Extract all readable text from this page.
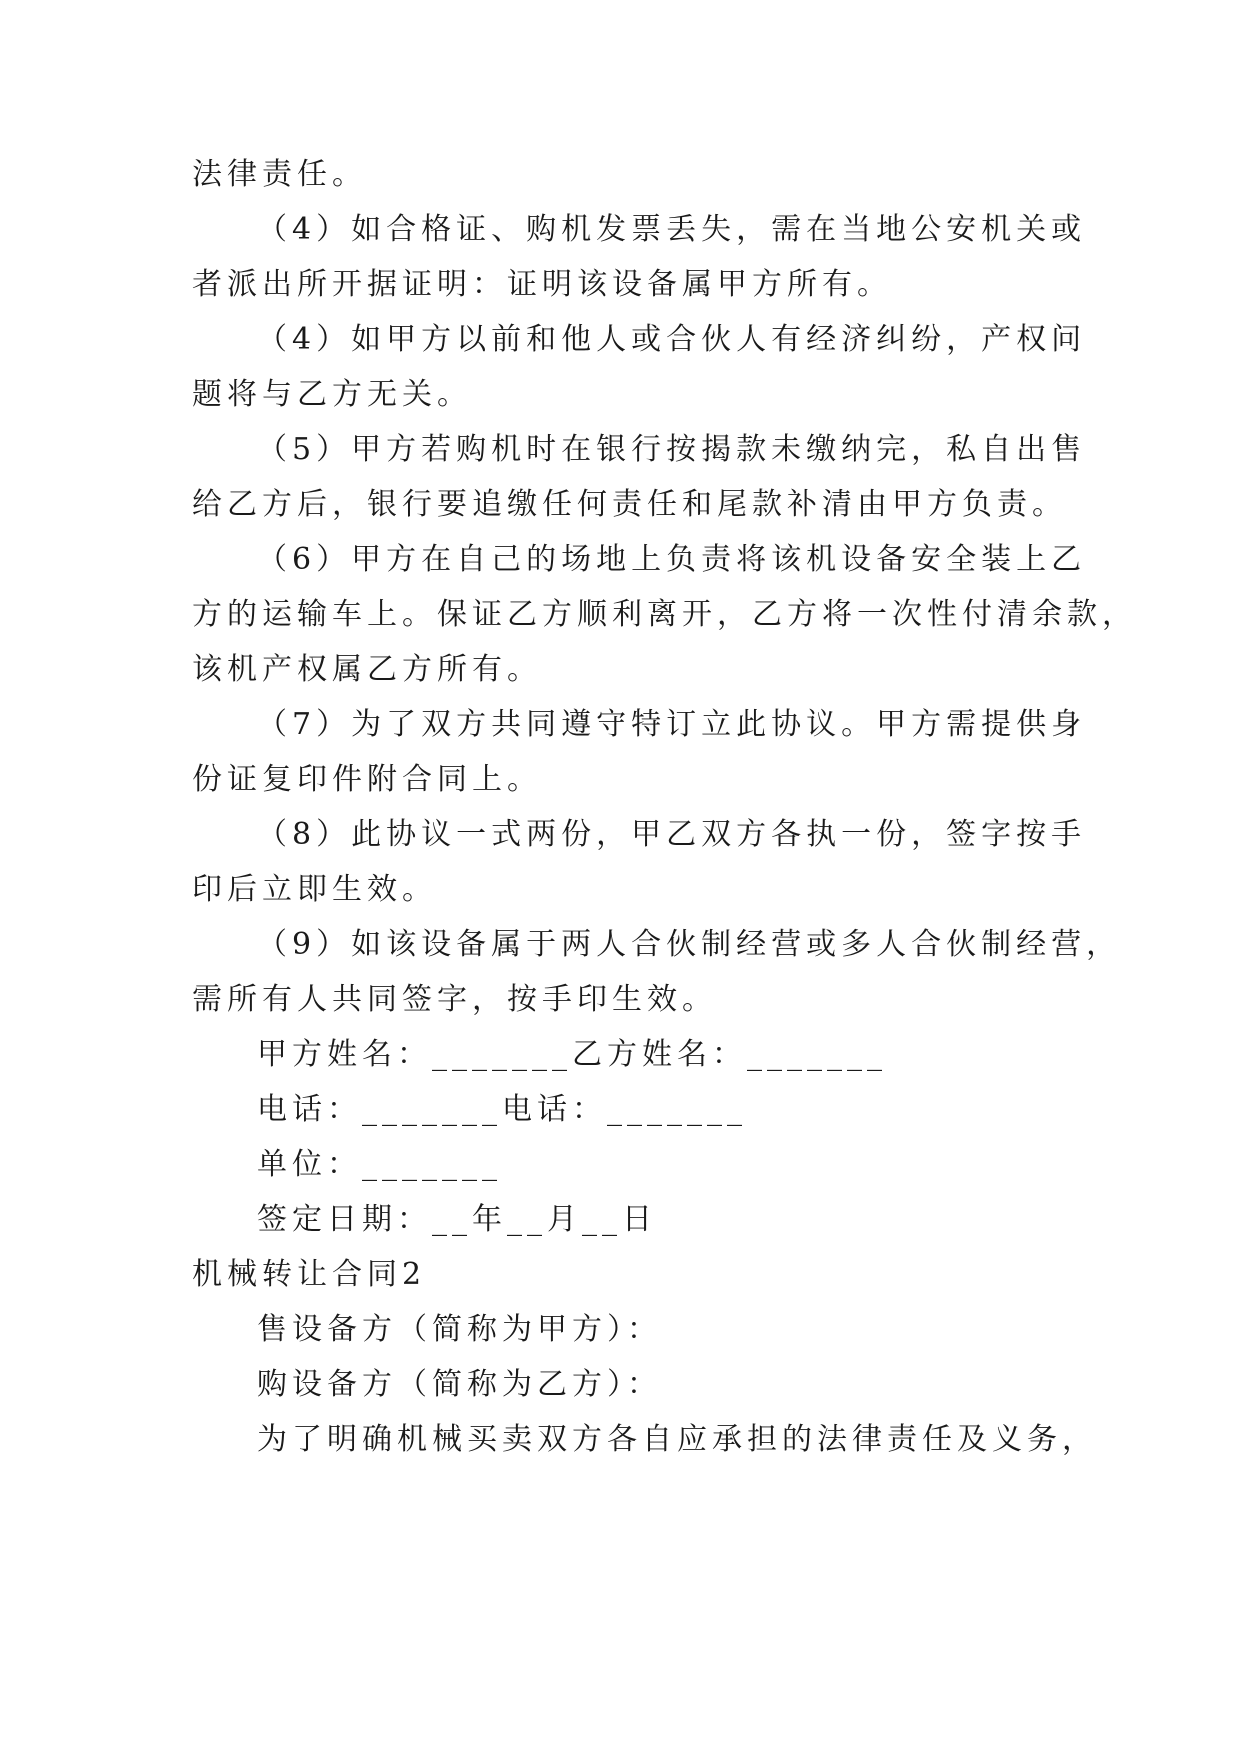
法律责任。
（4）如合格证、购机发票丢失，需在当地公安机关或
者派出所开据证明：证明该设备属甲方所有。
（4）如甲方以前和他人或合伙人有经济纠纷，产权问
题将与乙方无关。
（5）甲方若购机时在银行按揭款未缴纳完，私自出售
给乙方后，银行要追缴任何责任和尾款补清由甲方负责。
（6）甲方在自己的场地上负责将该机设备安全装上乙
方的运输车上。保证乙方顺利离开，乙方将一次性付清余款，
该机产权属乙方所有。
（7）为了双方共同遵守特订立此协议。甲方需提供身
份证复印件附合同上。
（8）此协议一式两份，甲乙双方各执一份，签字按手
印后立即生效。
（9）如该设备属于两人合伙制经营或多人合伙制经营，
需所有人共同签字，按手印生效。
甲方姓名：_______乙方姓名：_______
电话：_______电话：_______
单位：_______
签定日期：__年__月__日
机械转让合同2
售设备方（简称为甲方）：
购设备方（简称为乙方）：
为了明确机械买卖双方各自应承担的法律责任及义务，
